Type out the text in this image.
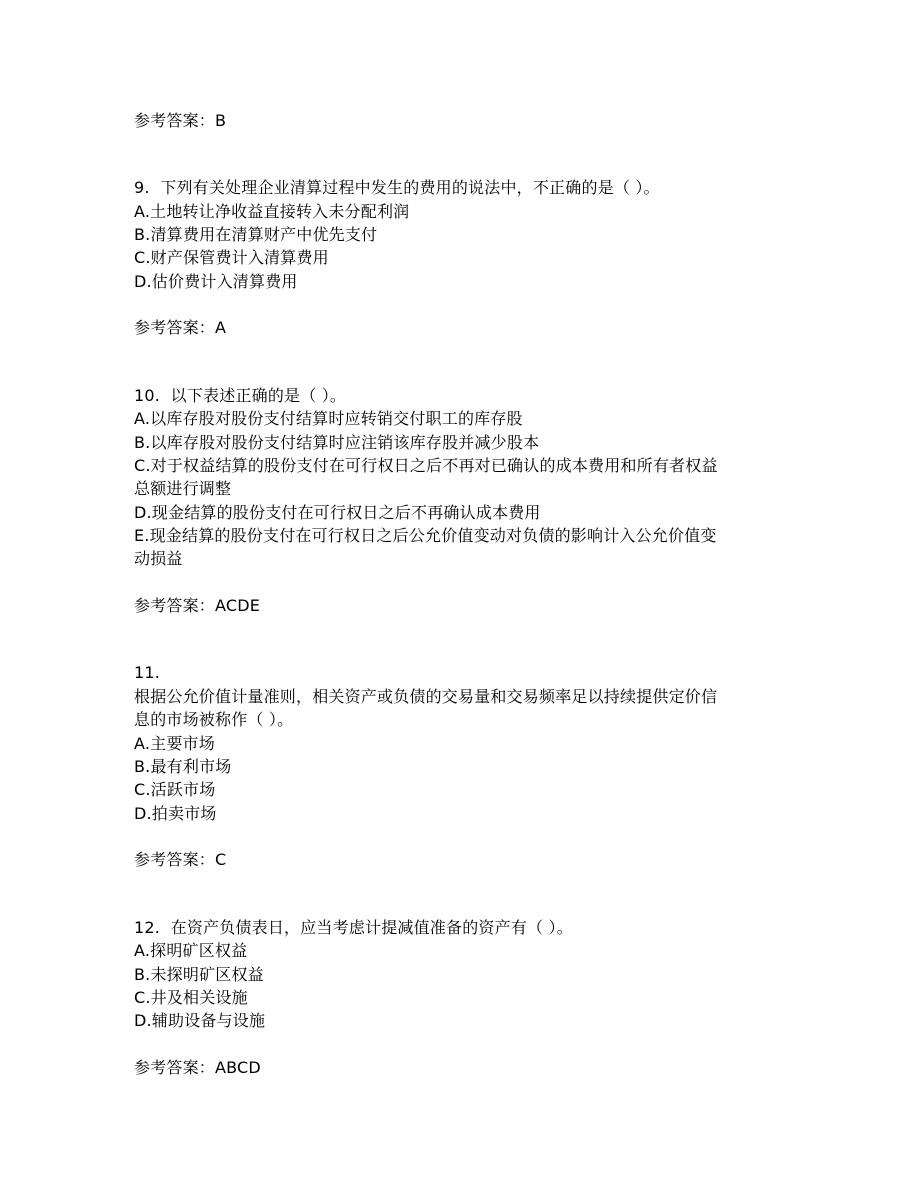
参考答案：B
9. 下列有关处理企业清算过程中发生的费用的说法中，不正确的是（ ）。
A.土地转让净收益直接转入未分配利润
B.清算费用在清算财产中优先支付
C.财产保管费计入清算费用
D.估价费计入清算费用
参考答案：A
10. 以下表述正确的是（ ）。
A.以库存股对股份支付结算时应转销交付职工的库存股
B.以库存股对股份支付结算时应注销该库存股并减少股本
C.对于权益结算的股份支付在可行权日之后不再对已确认的成本费用和所有者权益
总额进行调整
D.现金结算的股份支付在可行权日之后不再确认成本费用
E.现金结算的股份支付在可行权日之后公允价值变动对负债的影响计入公允价值变
动损益
参考答案：ACDE
11.
根据公允价值计量准则，相关资产或负债的交易量和交易频率足以持续提供定价信
息的市场被称作（ ）。
A.主要市场
B.最有利市场
C.活跃市场
D.拍卖市场
参考答案：C
12. 在资产负债表日，应当考虑计提减值准备的资产有（ ）。
A.探明矿区权益
B.未探明矿区权益
C.井及相关设施
D.辅助设备与设施
参考答案：ABCD
